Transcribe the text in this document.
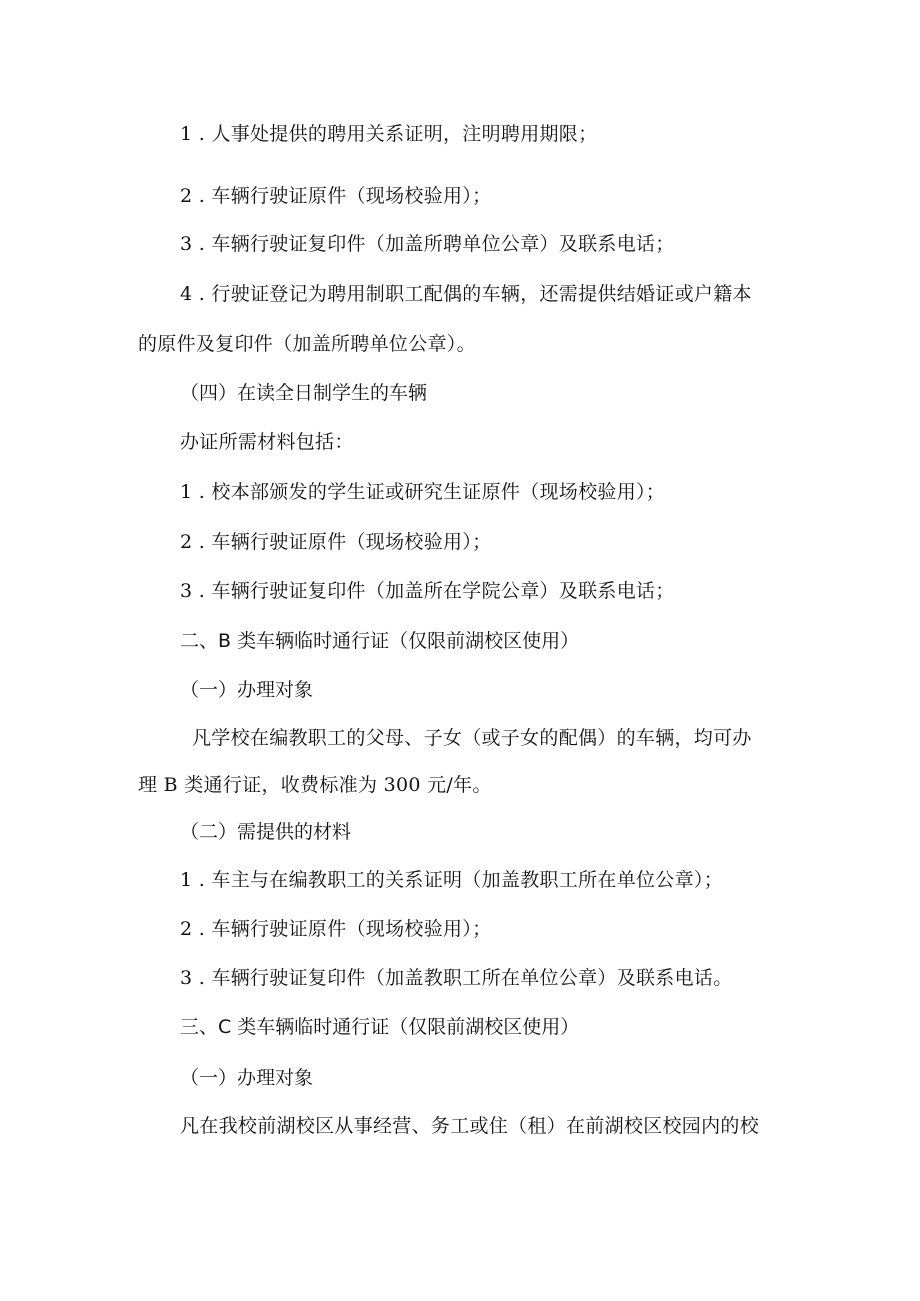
1 . 人事处提供的聘用关系证明，注明聘用期限；
2 . 车辆行驶证原件（现场校验用）；
3 . 车辆行驶证复印件（加盖所聘单位公章）及联系电话；
4 . 行驶证登记为聘用制职工配偶的车辆，还需提供结婚证或户籍本
的原件及复印件（加盖所聘单位公章）。
（四）在读全日制学生的车辆
办证所需材料包括：
1 . 校本部颁发的学生证或研究生证原件（现场校验用）；
2 . 车辆行驶证原件（现场校验用）；
3 . 车辆行驶证复印件（加盖所在学院公章）及联系电话；
二、B 类车辆临时通行证（仅限前湖校区使用）
（一）办理对象
凡学校在编教职工的父母、子女（或子女的配偶）的车辆，均可办
理 B 类通行证，收费标准为 300 元/年。
（二）需提供的材料
1 . 车主与在编教职工的关系证明（加盖教职工所在单位公章）；
2 . 车辆行驶证原件（现场校验用）；
3 . 车辆行驶证复印件（加盖教职工所在单位公章）及联系电话。
三、C 类车辆临时通行证（仅限前湖校区使用）
（一）办理对象
凡在我校前湖校区从事经营、务工或住（租）在前湖校区校园内的校
